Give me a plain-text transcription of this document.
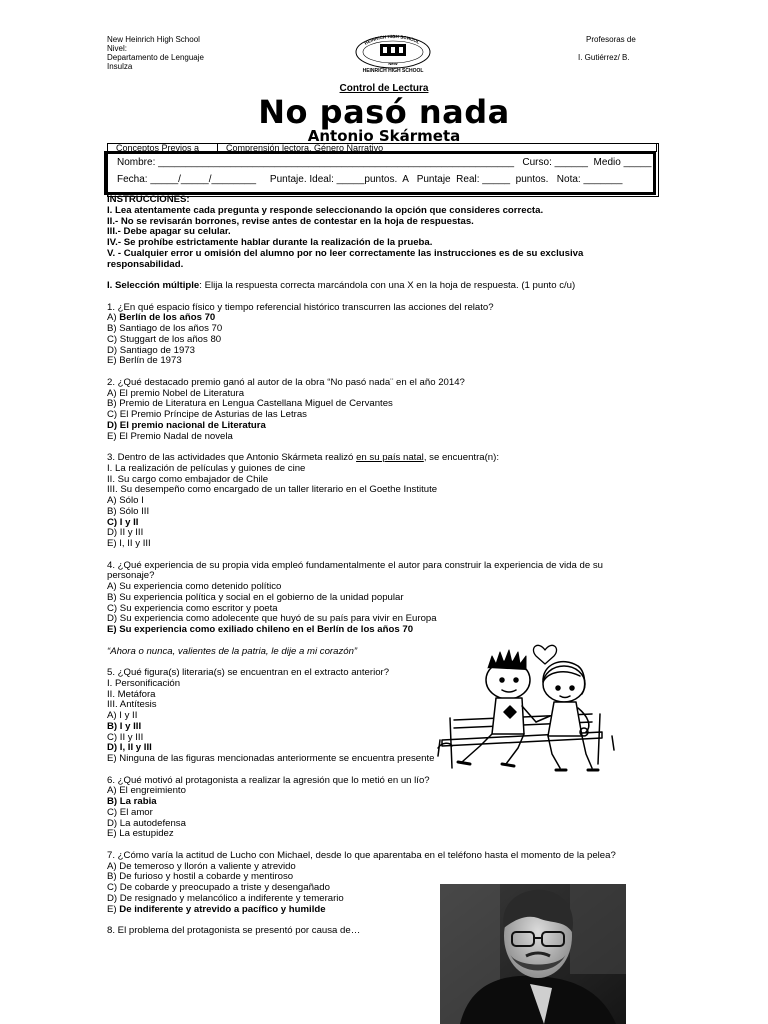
New Heinrich High School
Nivel:
Departamento de Lenguaje
Insulza
Profesoras de
I. Gutiérrez/ B.
HEINRICH HIGH SCHOOL
NEW
HEINRICH HIGH SCHOOL
Control de Lectura
No pasó nada
Antonio Skármeta
Conceptos Previos a	Comprensión lectora, Género Narrativo
Nombre: ________________________________________________________________   Curso: ______  Medio _____
Fecha: _____/_____/________     Puntaje. Ideal: _____puntos.  A   Puntaje  Real: _____  puntos.   Nota: _______

INSTRUCCIONES:

I. Lea atentamente cada pregunta y responde seleccionando la opción que consideres correcta.

II.- No se revisarán borrones, revise antes de contestar en la hoja de respuestas.

III.- Debe apagar su celular.

IV.- Se prohíbe estrictamente hablar durante la realización de la prueba.

V. - Cualquier error u omisión del alumno por no leer correctamente las instrucciones es de su exclusiva

responsabilidad.

I. Selección múltiple: Elija la respuesta correcta marcándola con una X en la hoja de respuesta. (1 punto c/u)

1. ¿En qué espacio físico y tiempo referencial histórico transcurren las acciones del relato?

A) Berlín de los años 70

B) Santiago de los años 70

C) Stuggart de los años 80

D) Santiago de 1973

E) Berlín de 1973

2. ¿Qué destacado premio ganó al autor de la obra “No pasó nada¨ en el año 2014?

A) El premio Nobel de Literatura

B) Premio de Literatura en Lengua Castellana Miguel de Cervantes

C) El Premio Príncipe de Asturias de las Letras

D) El premio nacional de Literatura

E) El Premio Nadal de novela

3. Dentro de las actividades que Antonio Skármeta realizó en su país natal, se encuentra(n):

I. La realización de películas y guiones de cine

II. Su cargo como embajador de Chile

III. Su desempeño como encargado de un taller literario en el Goethe Institute

A) Sólo I

B) Sólo III

C) I y II

D) II y III

E) I, II y III

4. ¿Qué experiencia de su propia vida empleó fundamentalmente el autor para construir la experiencia de vida de su

personaje?

A) Su experiencia como detenido político

B) Su experiencia política y social en el gobierno de la unidad popular

C) Su experiencia como escritor y poeta

D) Su experiencia como adolecente que huyó de su país para vivir en Europa

E) Su experiencia como exiliado chileno en el Berlín de los años 70

“Ahora o nunca, valientes de la patria, le dije a mi corazón”

5. ¿Qué figura(s) literaria(s) se encuentran en el extracto anterior?

I. Personificación

II. Metáfora

III. Antítesis

A) I y II

B) I y III

C) II y III

D) I, II y III

E) Ninguna de las figuras mencionadas anteriormente se encuentra presente

6. ¿Qué motivó al protagonista a realizar la agresión que lo metió en un lío?

A) El engreimiento

B) La rabia

C) El amor

D) La autodefensa

E) La estupidez

7. ¿Cómo varía la actitud de Lucho con Michael, desde lo que aparentaba en el teléfono hasta el momento de la pelea?

A) De temeroso y llorón a valiente y atrevido

B) De furioso y hostil a cobarde y mentiroso

C) De cobarde y preocupado a triste y desengañado

D) De resignado y melancólico a indiferente y temerario

E) De indiferente y atrevido a pacífico y humilde

8. El problema del protagonista se presentó por causa de…
